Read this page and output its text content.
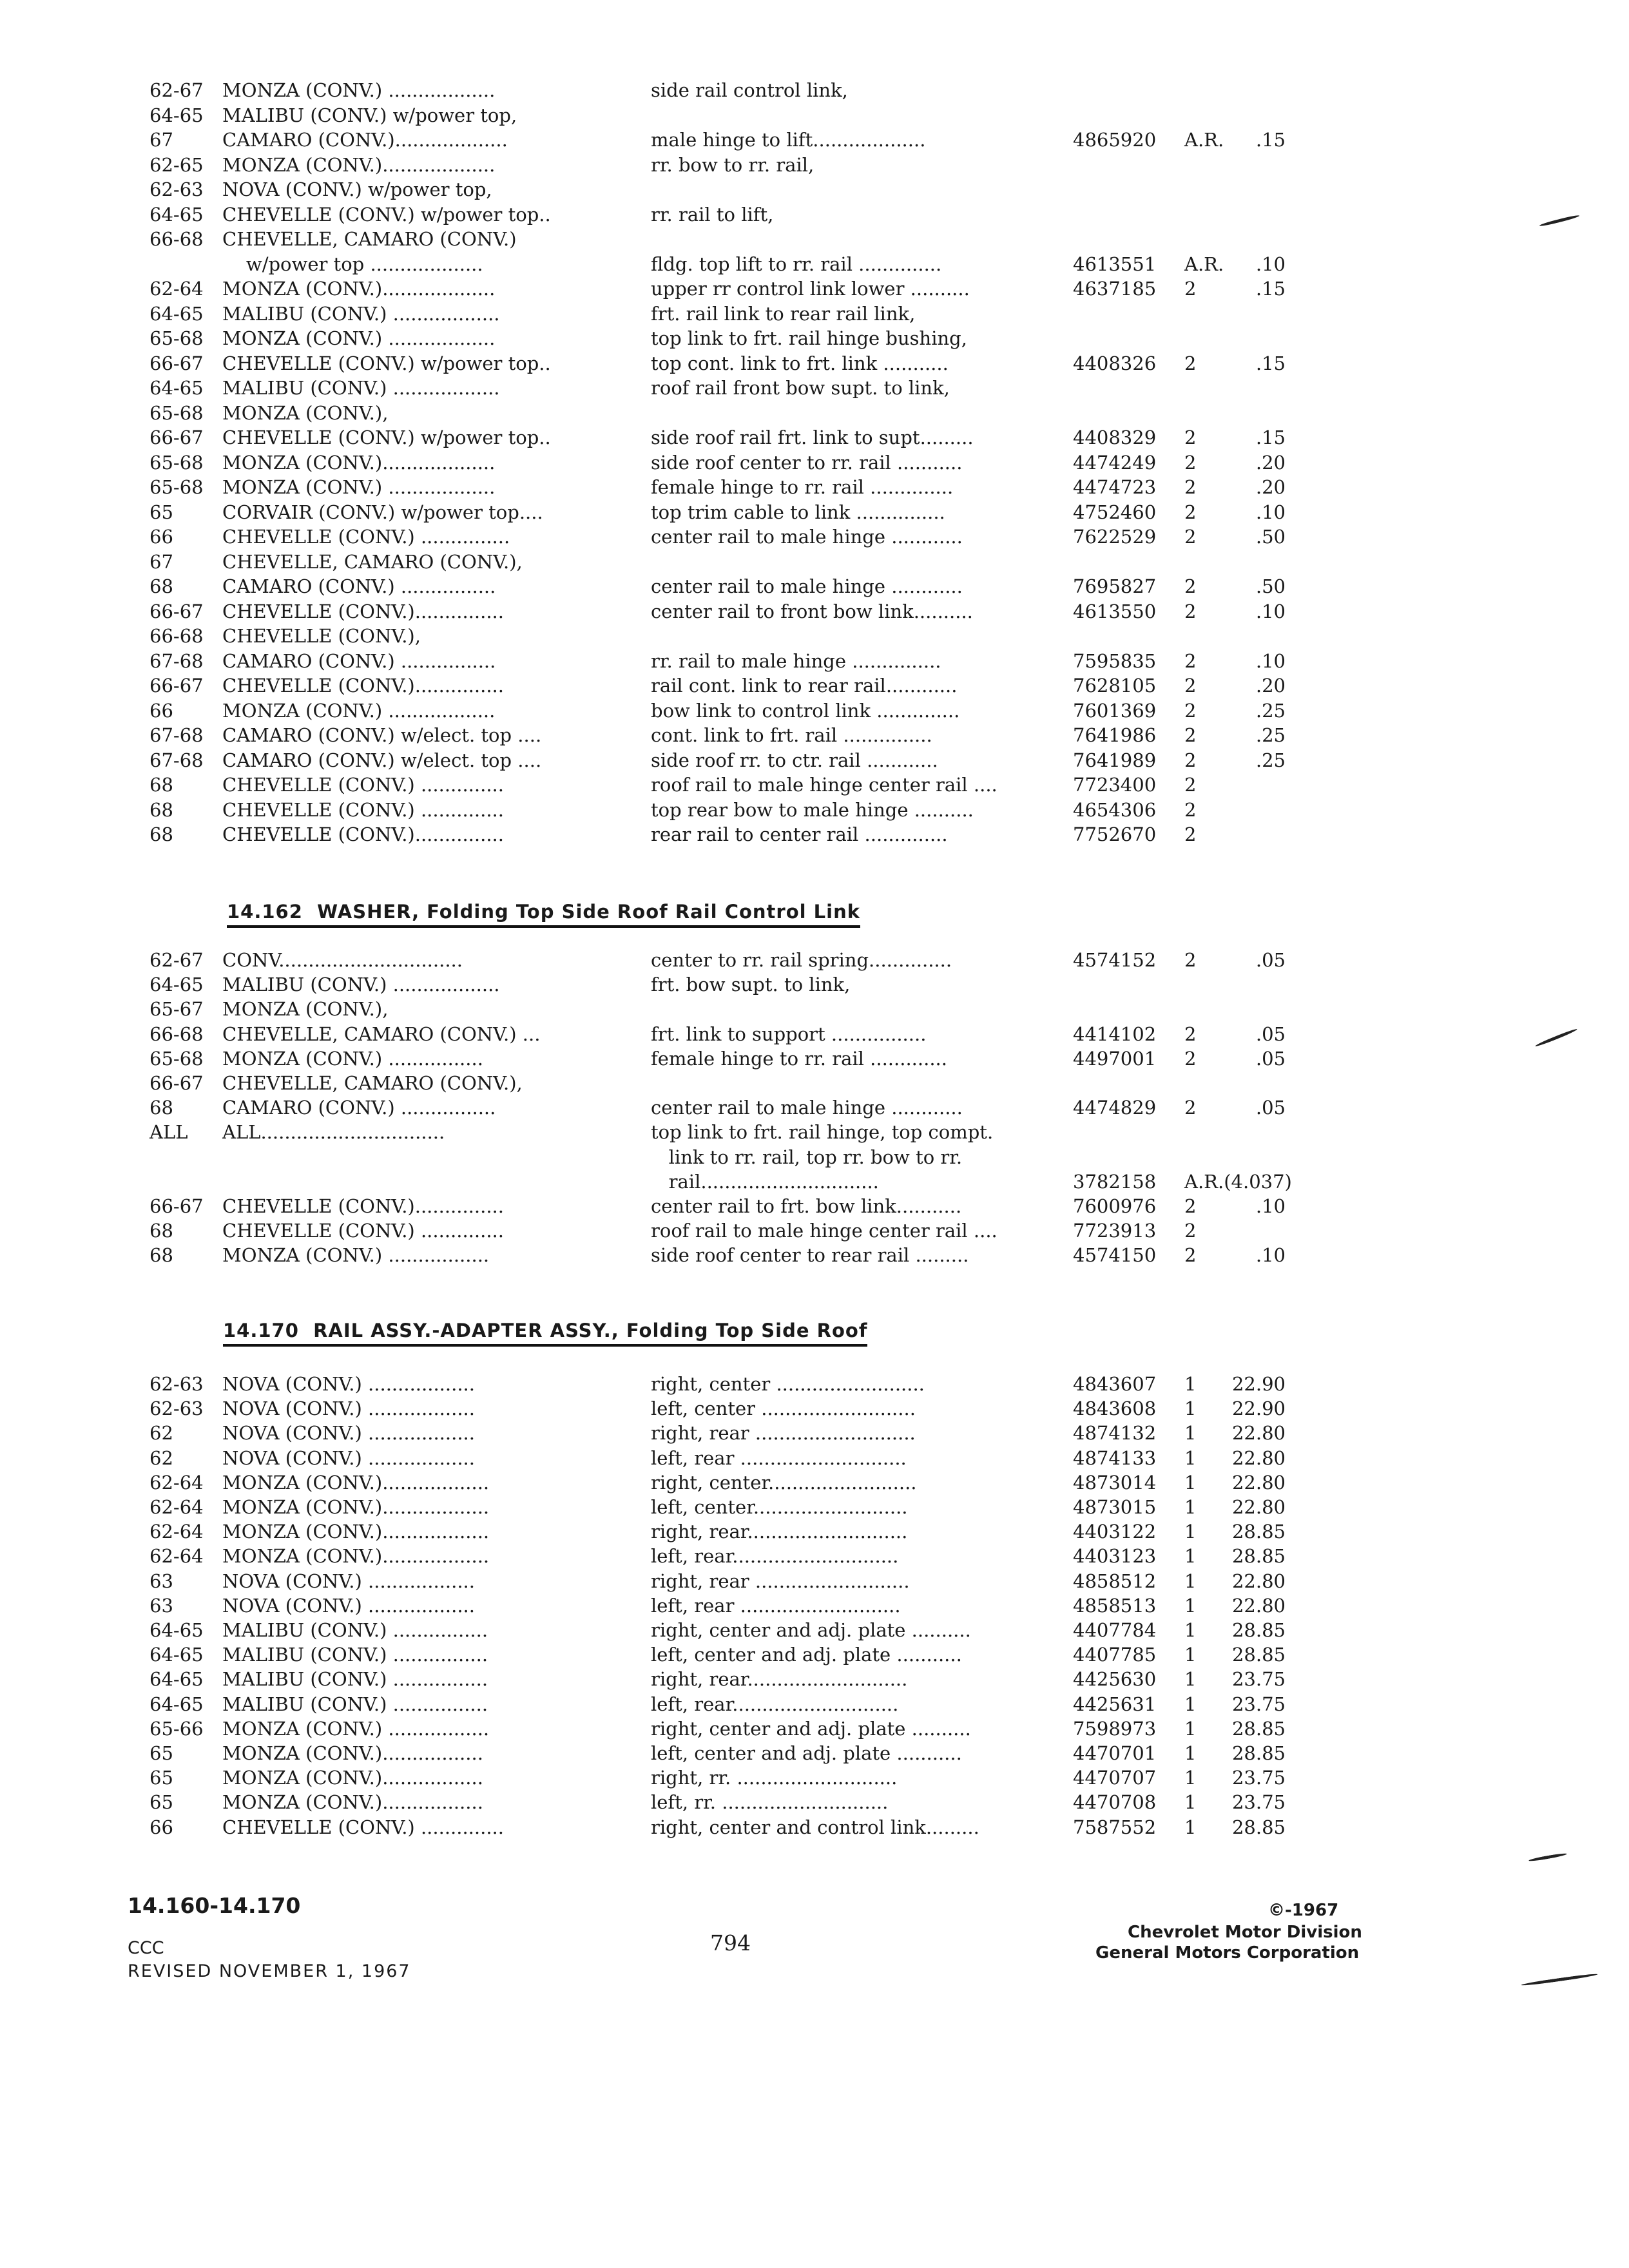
62-67 MONZA (CONV.) ..................	side rail control link,
64-65 MALIBU (CONV.) w/power top,
67	CAMARO (CONV.)...................	male hinge to lift...................	4865920 A.R.	.15
62-65 MONZA (CONV.)...................	rr. bow to rr. rail,
62-63 NOVA (CONV.) w/power top,
64-65 CHEVELLE (CONV.) w/power top..	rr. rail to lift,
66-68 CHEVELLE, CAMARO (CONV.)
w/power top ...................	fldg. top lift to rr. rail ..............	4613551 A.R.	.10
62-64 MONZA (CONV.)...................	upper rr control link lower ..........	4637185 2	.15
64-65 MALIBU (CONV.) ..................	frt. rail link to rear rail link,
65-68 MONZA (CONV.) ..................	top link to frt. rail hinge bushing,
66-67 CHEVELLE (CONV.) w/power top..	top cont. link to frt. link ...........	4408326 2	.15
64-65 MALIBU (CONV.) ..................	roof rail front bow supt. to link,
65-68 MONZA (CONV.),
66-67 CHEVELLE (CONV.) w/power top..	side roof rail frt. link to supt.........	4408329 2	.15
65-68 MONZA (CONV.)...................	side roof center to rr. rail ...........	4474249 2	.20
65-68 MONZA (CONV.) ..................	female hinge to rr. rail ..............	4474723 2	.20
65	CORVAIR (CONV.) w/power top....	top trim cable to link ...............	4752460 2	.10
66	CHEVELLE (CONV.) ...............	center rail to male hinge ............	7622529 2	.50
67	CHEVELLE, CAMARO (CONV.),
68	CAMARO (CONV.) ................	center rail to male hinge ............	7695827 2	.50
66-67 CHEVELLE (CONV.)...............	center rail to front bow link..........	4613550 2	.10
66-68 CHEVELLE (CONV.),
67-68 CAMARO (CONV.) ................	rr. rail to male hinge ...............	7595835 2	.10
66-67 CHEVELLE (CONV.)...............	rail cont. link to rear rail............	7628105 2	.20
66	MONZA (CONV.) ..................	bow link to control link ..............	7601369 2	.25
67-68 CAMARO (CONV.) w/elect. top ....	cont. link to frt. rail ...............	7641986 2	.25
67-68 CAMARO (CONV.) w/elect. top ....	side roof rr. to ctr. rail ............	7641989 2	.25
68	CHEVELLE (CONV.) ..............	roof rail to male hinge center rail ....	7723400 2
68	CHEVELLE (CONV.) ..............	top rear bow to male hinge ..........	4654306 2
68	CHEVELLE (CONV.)...............	rear rail to center rail ..............	7752670 2
14.162  WASHER, Folding Top Side Roof Rail Control Link
62-67 CONV...............................	center to rr. rail spring..............	4574152 2	.05
64-65 MALIBU (CONV.) ..................	frt. bow supt. to link,
65-67 MONZA (CONV.),
66-68 CHEVELLE, CAMARO (CONV.) ...	frt. link to support ................	4414102 2	.05
65-68 MONZA (CONV.) ................	female hinge to rr. rail .............	4497001 2	.05
66-67 CHEVELLE, CAMARO (CONV.),
68	CAMARO (CONV.) ................	center rail to male hinge ............	4474829 2	.05
ALL ALL...............................	top link to frt. rail hinge, top compt.
link to rr. rail, top rr. bow to rr.
rail..............................	3782158 A.R.(4.037)
66-67 CHEVELLE (CONV.)...............	center rail to frt. bow link...........	7600976 2	.10
68	CHEVELLE (CONV.) ..............	roof rail to male hinge center rail ....	7723913 2
68	MONZA (CONV.) .................	side roof center to rear rail .........	4574150 2	.10
14.170  RAIL ASSY.-ADAPTER ASSY., Folding Top Side Roof
62-63 NOVA (CONV.) ..................	right, center .........................	4843607 1 22.90
62-63 NOVA (CONV.) ..................	left, center ..........................	4843608 1 22.90
62	NOVA (CONV.) ..................	right, rear ...........................	4874132 1 22.80
62	NOVA (CONV.) ..................	left, rear ............................	4874133 1 22.80
62-64 MONZA (CONV.)..................	right, center.........................	4873014 1 22.80
62-64 MONZA (CONV.)..................	left, center..........................	4873015 1 22.80
62-64 MONZA (CONV.)..................	right, rear...........................	4403122 1 28.85
62-64 MONZA (CONV.)..................	left, rear............................	4403123 1 28.85
63	NOVA (CONV.) ..................	right, rear ..........................	4858512 1 22.80
63	NOVA (CONV.) ..................	left, rear ...........................	4858513 1 22.80
64-65 MALIBU (CONV.) ................	right, center and adj. plate ..........	4407784 1 28.85
64-65 MALIBU (CONV.) ................	left, center and adj. plate ...........	4407785 1 28.85
64-65 MALIBU (CONV.) ................	right, rear...........................	4425630 1 23.75
64-65 MALIBU (CONV.) ................	left, rear............................	4425631 1 23.75
65-66 MONZA (CONV.) .................	right, center and adj. plate ..........	7598973 1 28.85
65	MONZA (CONV.).................	left, center and adj. plate ...........	4470701 1 28.85
65	MONZA (CONV.).................	right, rr. ...........................	4470707 1 23.75
65	MONZA (CONV.).................	left, rr. ............................	4470708 1 23.75
66	CHEVELLE (CONV.) ..............	right, center and control link.........	7587552 1 28.85
14.160-14.170
CCC
REVISED NOVEMBER 1, 1967
794
©-1967
Chevrolet Motor Division
General Motors Corporation
